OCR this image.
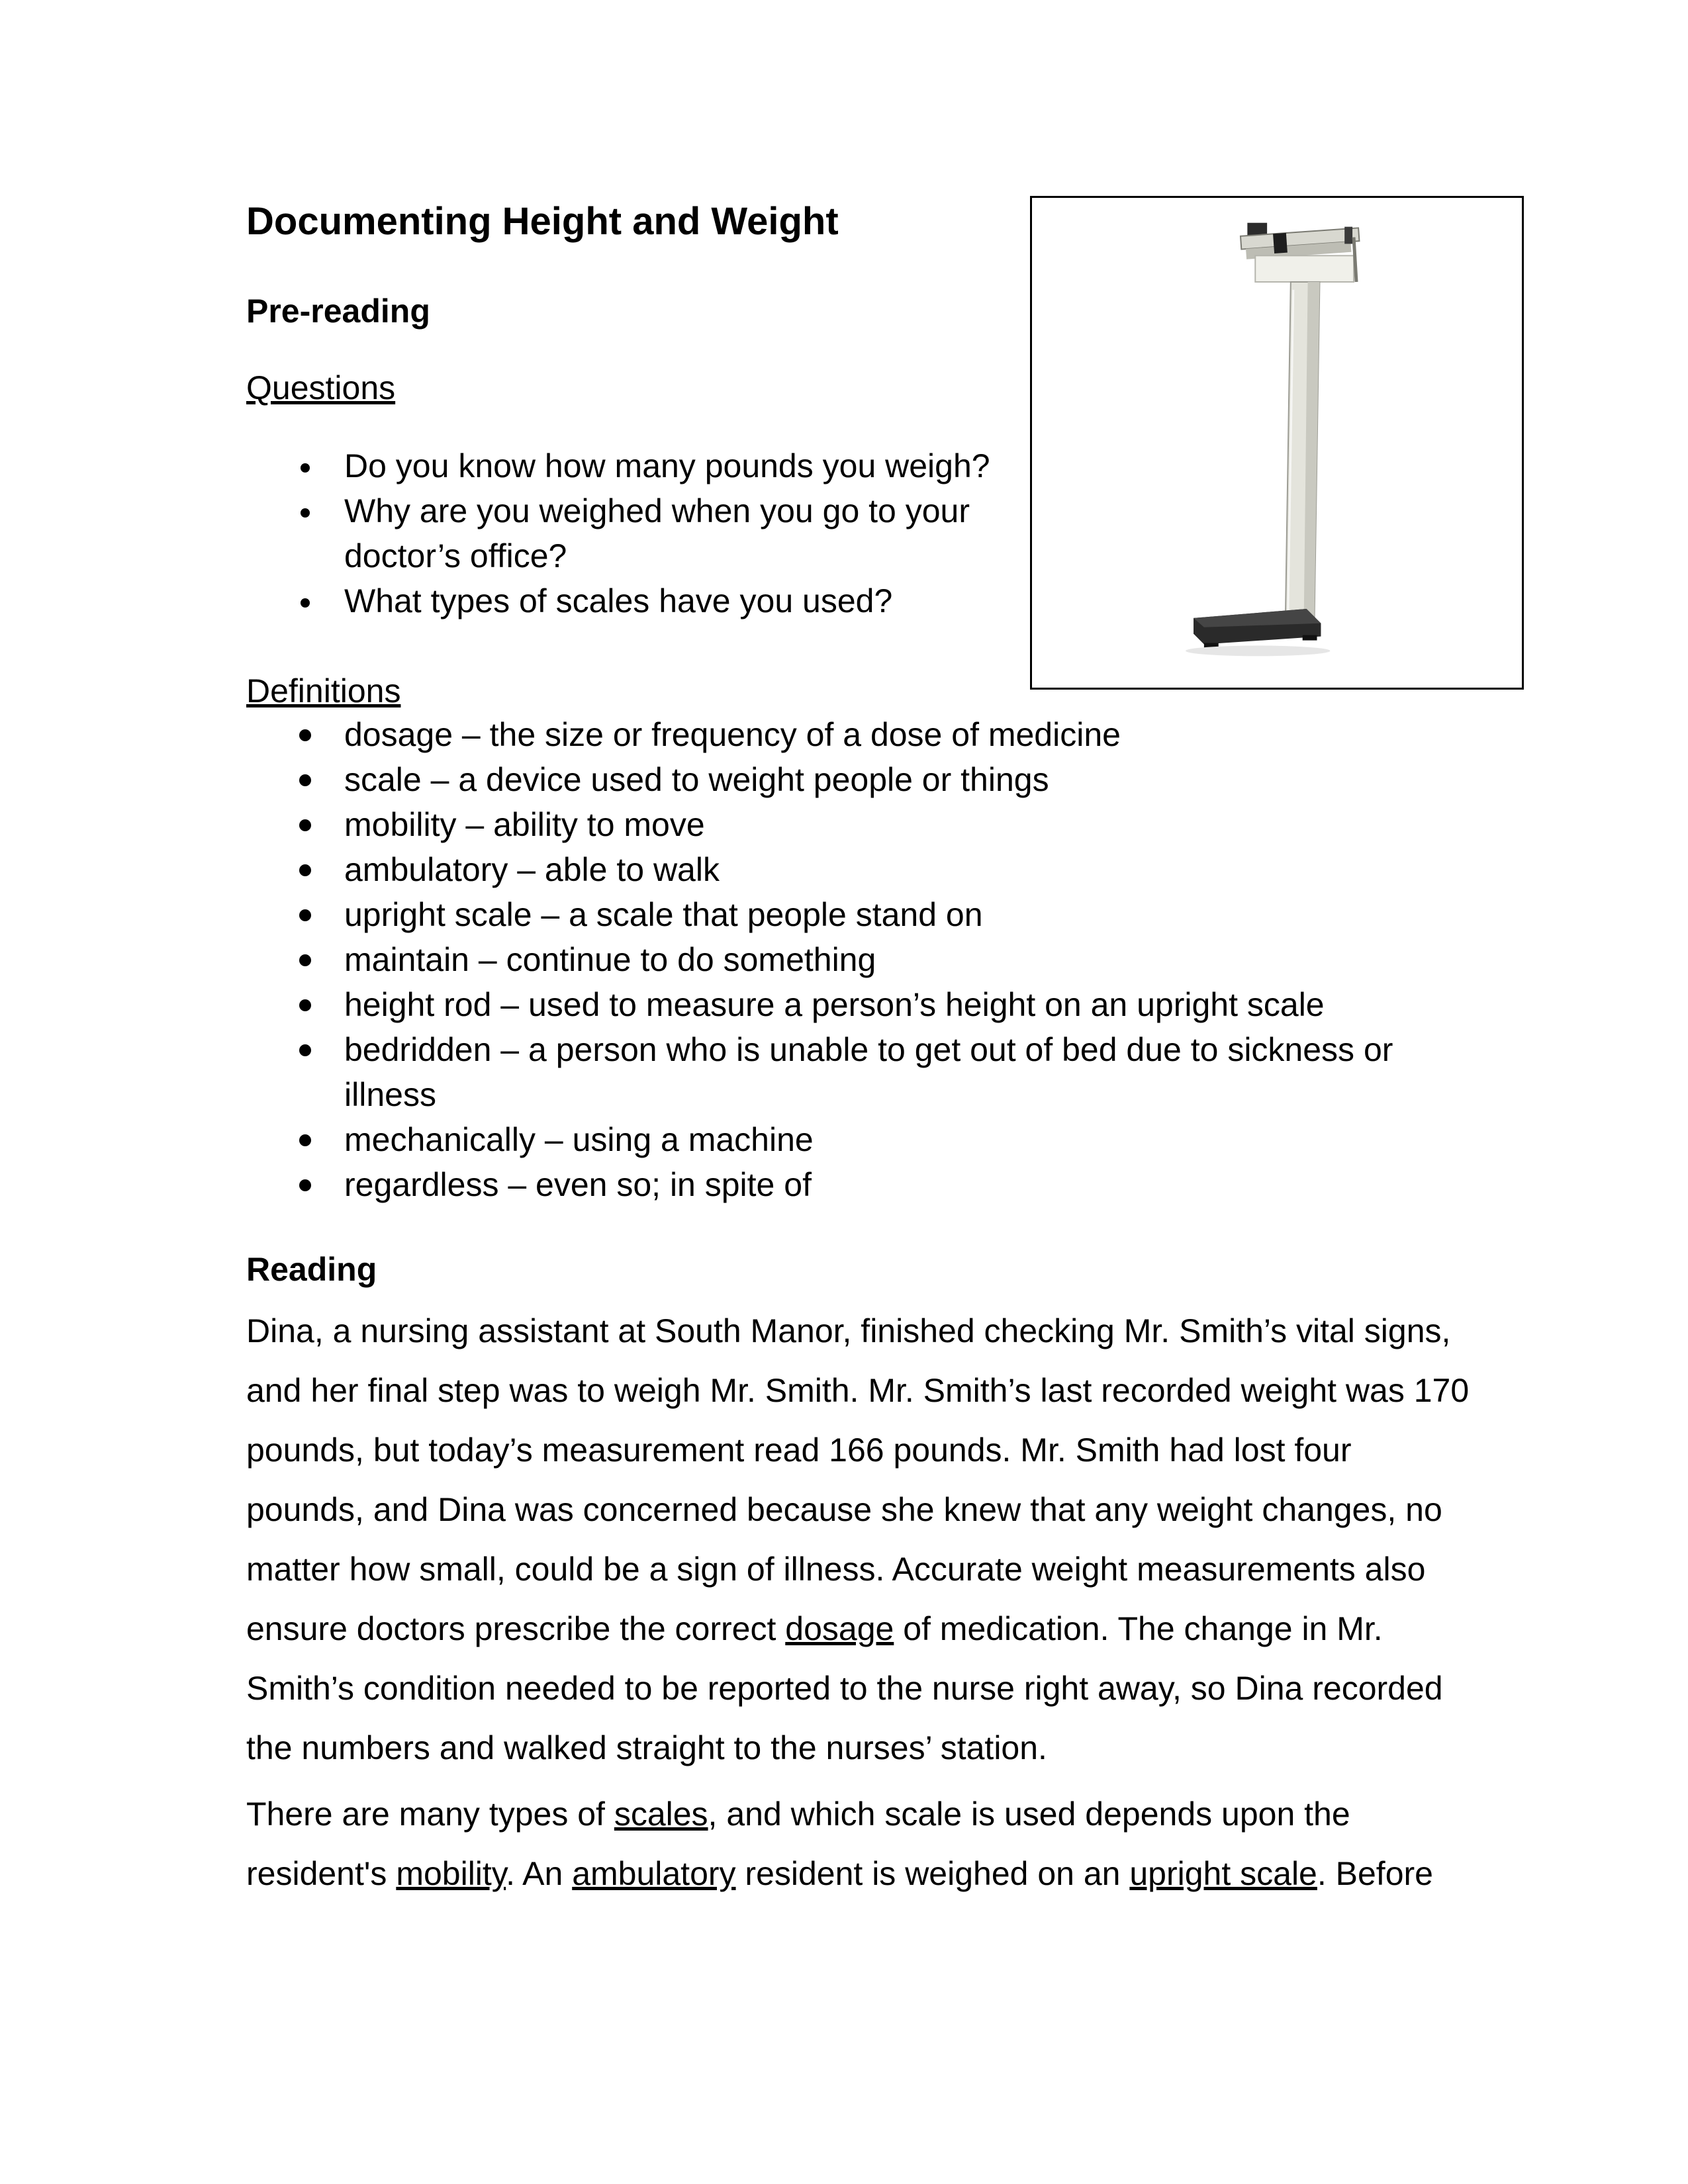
Documenting Height and Weight
Pre-reading
Questions
Do you know how many pounds you weigh?
Why are you weighed when you go to your doctor’s office?
What types of scales have you used?
Definitions
dosage – the size or frequency of a dose of medicine
scale – a device used to weight people or things
mobility – ability to move
ambulatory – able to walk
upright scale – a scale that people stand on
maintain – continue to do something
height rod – used to measure a person’s height on an upright scale
bedridden – a person who is unable to get out of bed due to sickness or illness
mechanically – using a machine
regardless – even so; in spite of
Reading

Dina, a nursing assistant at South Manor, finished checking Mr. Smith’s vital signs, and her final step was to weigh Mr. Smith. Mr. Smith’s last recorded weight was 170 pounds, but today’s measurement read 166 pounds. Mr. Smith had lost four pounds, and Dina was concerned because she knew that any weight changes, no matter how small, could be a sign of illness. Accurate weight measurements also ensure doctors prescribe the correct dosage of medication. The change in Mr. Smith’s condition needed to be reported to the nurse right away, so Dina recorded the numbers and walked straight to the nurses’ station.

There are many types of scales, and which scale is used depends upon the resident's mobility. An ambulatory resident is weighed on an upright scale. Before
